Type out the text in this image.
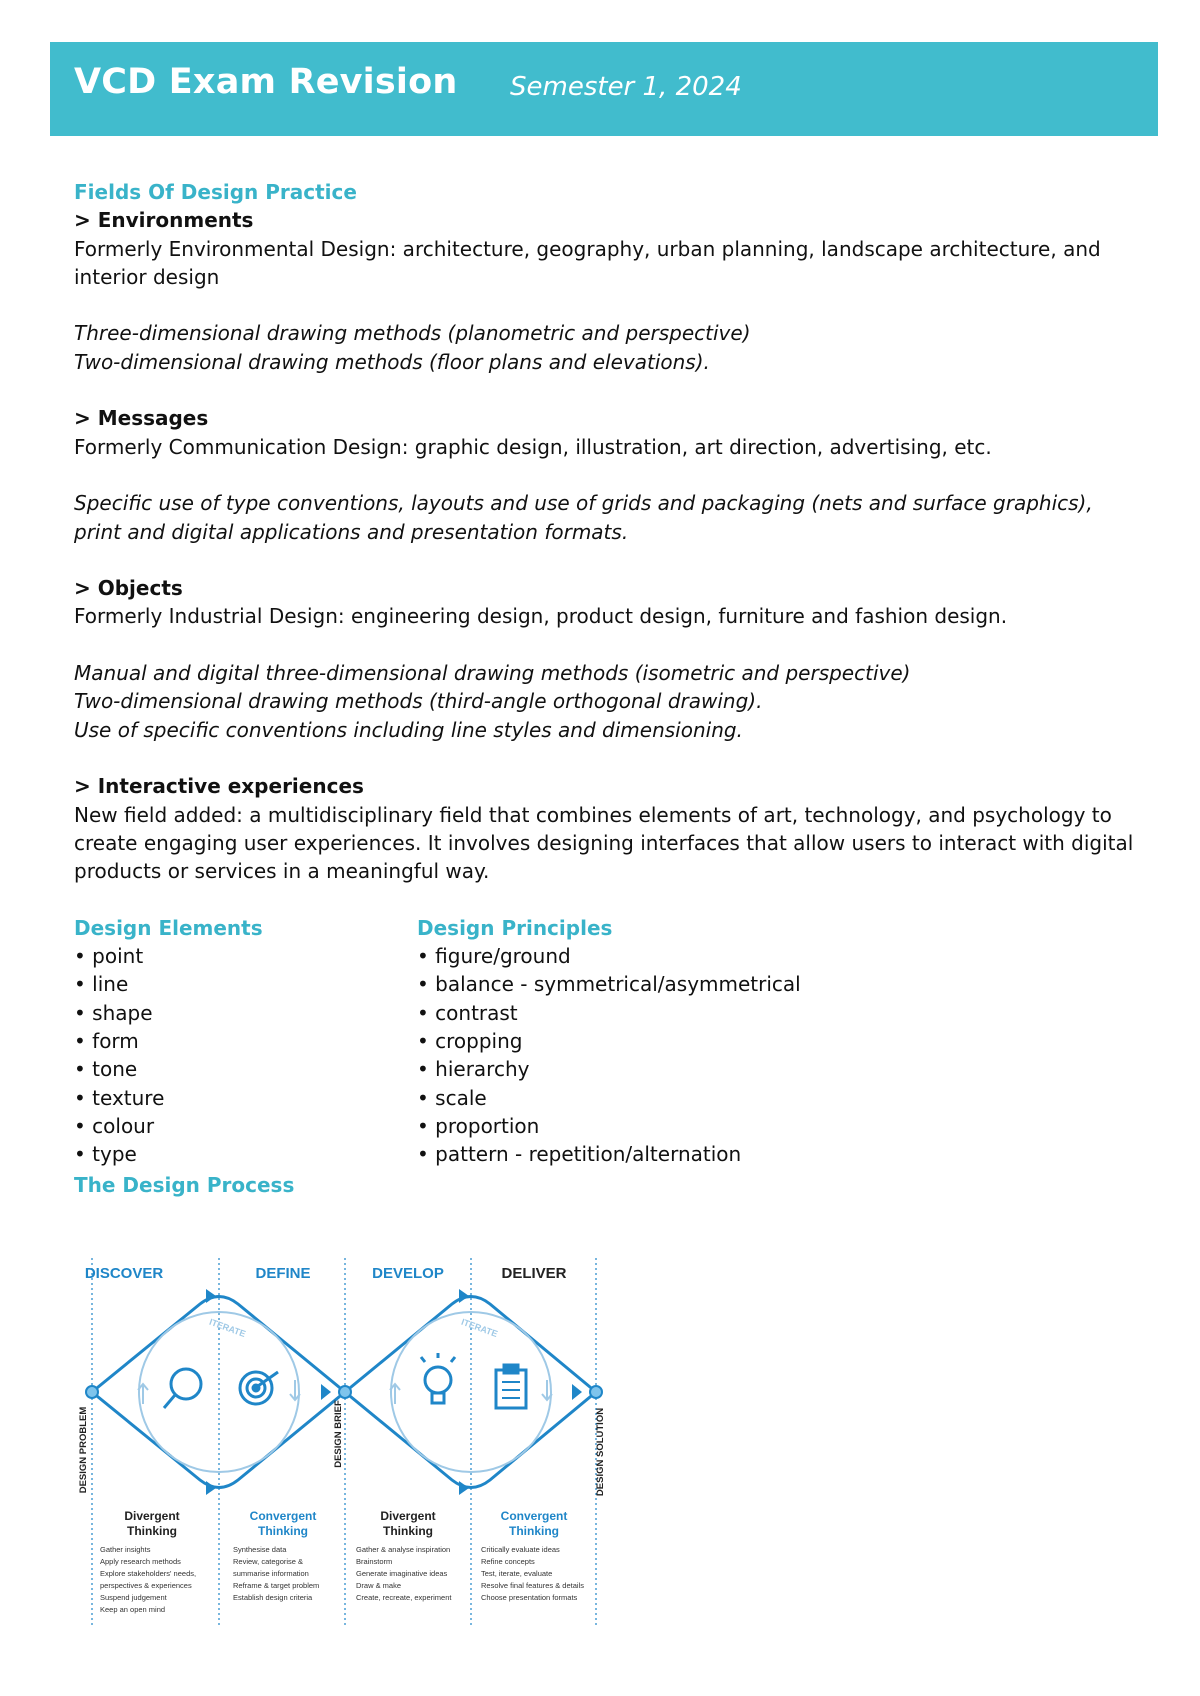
VCD Exam Revision Semester 1, 2024
Fields Of Design Practice
> Environments
Formerly Environmental Design: architecture, geography, urban planning, landscape architecture, and interior design
Three-dimensional drawing methods (planometric and perspective)
Two-dimensional drawing methods (floor plans and elevations).
> Messages
Formerly Communication Design: graphic design, illustration, art direction, advertising, etc.
Specific use of type conventions, layouts and use of grids and packaging (nets and surface graphics), print and digital applications and presentation formats.
> Objects
Formerly Industrial Design: engineering design, product design, furniture and fashion design.
Manual and digital three-dimensional drawing methods (isometric and perspective)
Two-dimensional drawing methods (third-angle orthogonal drawing).
Use of specific conventions including line styles and dimensioning.
> Interactive experiences
New field added: a multidisciplinary field that combines elements of art, technology, and psychology to create engaging user experiences. It involves designing interfaces that allow users to interact with digital products or services in a meaningful way.
Design Elements
• point
• line
• shape
• form
• tone
• texture
• colour
• type
Design Principles
• figure/ground
• balance - symmetrical/asymmetrical
• contrast
• cropping
• hierarchy
• scale
• proportion
• pattern - repetition/alternation
The Design Process
DISCOVER	DEFINE	DEVELOP	DELIVER
ITERATE	ITERATE
DESIGN PROBLEM	DESIGN BRIEF	DESIGN SOLUTION
Divergent
Thinking
Convergent
Thinking
Divergent
Thinking
Convergent
Thinking
Gather insights
Apply research methods
Explore stakeholders' needs,
perspectives & experiences
Suspend judgement
Keep an open mind
Synthesise data
Review, categorise &
summarise information
Reframe & target problem
Establish design criteria
Gather & analyse inspiration
Brainstorm
Generate imaginative ideas
Draw & make
Create, recreate, experiment
Critically evaluate ideas
Refine concepts
Test, iterate, evaluate
Resolve final features & details
Choose presentation formats
